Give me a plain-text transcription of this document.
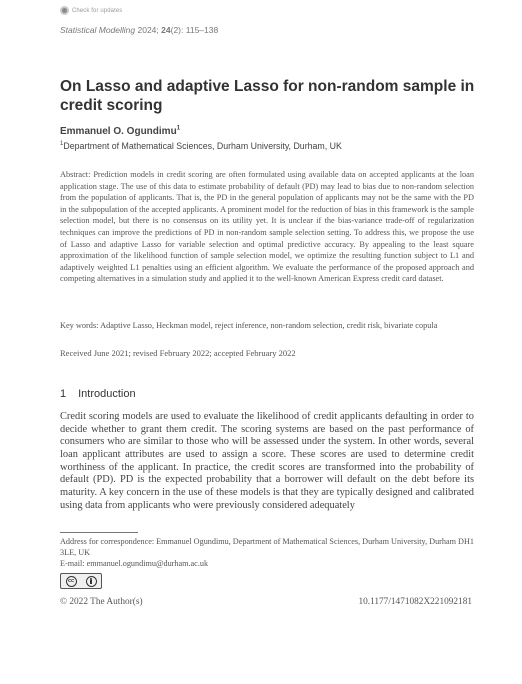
Check for updates
Statistical Modelling 2024; 24(2): 115–138
On Lasso and adaptive Lasso for non-random sample in credit scoring
Emmanuel O. Ogundimu$^1$
$^1$Department of Mathematical Sciences, Durham University, Durham, UK
Abstract: Prediction models in credit scoring are often formulated using available data on accepted applicants at the loan application stage. The use of this data to estimate probability of default (PD) may lead to bias due to non-random selection from the population of applicants. That is, the PD in the general population of applicants may not be the same with the PD in the subpopulation of the accepted applicants. A prominent model for the reduction of bias in this framework is the sample selection model, but there is no consensus on its utility yet. It is unclear if the bias-variance trade-off of regularization techniques can improve the predictions of PD in non-random sample selection setting. To address this, we propose the use of Lasso and adaptive Lasso for variable selection and optimal predictive accuracy. By appealing to the least square approximation of the likelihood function of sample selection model, we optimize the resulting function subject to L1 and adaptively weighted L1 penalties using an efficient algorithm. We evaluate the performance of the proposed approach and competing alternatives in a simulation study and applied it to the well-known American Express credit card dataset.
Key words: Adaptive Lasso, Heckman model, reject inference, non-random selection, credit risk, bivariate copula
Received June 2021; revised February 2022; accepted February 2022
1 Introduction
Credit scoring models are used to evaluate the likelihood of credit applicants defaulting in order to decide whether to grant them credit. The scoring systems are based on the past performance of consumers who are similar to those who will be assessed under the system. In other words, several loan applicant attributes are used to assign a score. These scores are used to determine credit worthiness of the applicant. In practice, the credit scores are transformed into the probability of default (PD). PD is the expected probability that a borrower will default on the debt before its maturity. A key concern in the use of these models is that they are typically designed and calibrated using data from applicants who were previously considered adequately
Address for correspondence: Emmanuel Ogundimu, Department of Mathematical Sciences, Durham University, Durham DH1 3LE, UK
E-mail: emmanuel.ogundimu@durham.ac.uk
cc
© 2022 The Author(s)	10.1177/1471082X221092181
